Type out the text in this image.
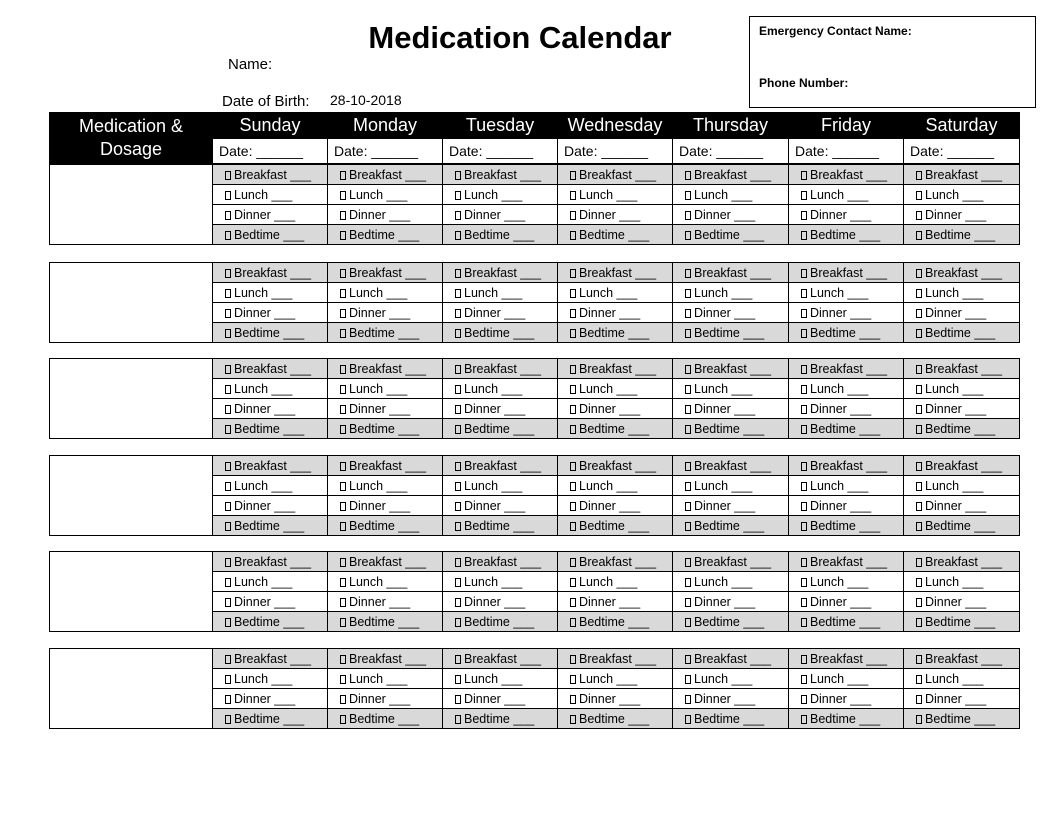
Medication Calendar
Name:
Date of Birth: 28-10-2018
Emergency Contact Name:
Phone Number:
Medication & Dosage	Sunday	Monday	Tuesday	Wednesday	Thursday	Friday	Saturday
	Date: ______	Date: ______	Date: ______	Date: ______	Date: ______	Date: ______	Date: ______
	Breakfast ___	Breakfast ___	Breakfast ___	Breakfast ___	Breakfast ___	Breakfast ___	Breakfast ___
	Lunch ___	Lunch ___	Lunch ___	Lunch ___	Lunch ___	Lunch ___	Lunch ___
	Dinner ___	Dinner ___	Dinner ___	Dinner ___	Dinner ___	Dinner ___	Dinner ___
	Bedtime ___	Bedtime ___	Bedtime ___	Bedtime ___	Bedtime ___	Bedtime ___	Bedtime ___
	Breakfast ___	Breakfast ___	Breakfast ___	Breakfast ___	Breakfast ___	Breakfast ___	Breakfast ___
	Lunch ___	Lunch ___	Lunch ___	Lunch ___	Lunch ___	Lunch ___	Lunch ___
	Dinner ___	Dinner ___	Dinner ___	Dinner ___	Dinner ___	Dinner ___	Dinner ___
	Bedtime ___	Bedtime ___	Bedtime ___	Bedtime ___	Bedtime ___	Bedtime ___	Bedtime ___
	Breakfast ___	Breakfast ___	Breakfast ___	Breakfast ___	Breakfast ___	Breakfast ___	Breakfast ___
	Lunch ___	Lunch ___	Lunch ___	Lunch ___	Lunch ___	Lunch ___	Lunch ___
	Dinner ___	Dinner ___	Dinner ___	Dinner ___	Dinner ___	Dinner ___	Dinner ___
	Bedtime ___	Bedtime ___	Bedtime ___	Bedtime ___	Bedtime ___	Bedtime ___	Bedtime ___
	Breakfast ___	Breakfast ___	Breakfast ___	Breakfast ___	Breakfast ___	Breakfast ___	Breakfast ___
	Lunch ___	Lunch ___	Lunch ___	Lunch ___	Lunch ___	Lunch ___	Lunch ___
	Dinner ___	Dinner ___	Dinner ___	Dinner ___	Dinner ___	Dinner ___	Dinner ___
	Bedtime ___	Bedtime ___	Bedtime ___	Bedtime ___	Bedtime ___	Bedtime ___	Bedtime ___
	Breakfast ___	Breakfast ___	Breakfast ___	Breakfast ___	Breakfast ___	Breakfast ___	Breakfast ___
	Lunch ___	Lunch ___	Lunch ___	Lunch ___	Lunch ___	Lunch ___	Lunch ___
	Dinner ___	Dinner ___	Dinner ___	Dinner ___	Dinner ___	Dinner ___	Dinner ___
	Bedtime ___	Bedtime ___	Bedtime ___	Bedtime ___	Bedtime ___	Bedtime ___	Bedtime ___
	Breakfast ___	Breakfast ___	Breakfast ___	Breakfast ___	Breakfast ___	Breakfast ___	Breakfast ___
	Lunch ___	Lunch ___	Lunch ___	Lunch ___	Lunch ___	Lunch ___	Lunch ___
	Dinner ___	Dinner ___	Dinner ___	Dinner ___	Dinner ___	Dinner ___	Dinner ___
	Bedtime ___	Bedtime ___	Bedtime ___	Bedtime ___	Bedtime ___	Bedtime ___	Bedtime ___
